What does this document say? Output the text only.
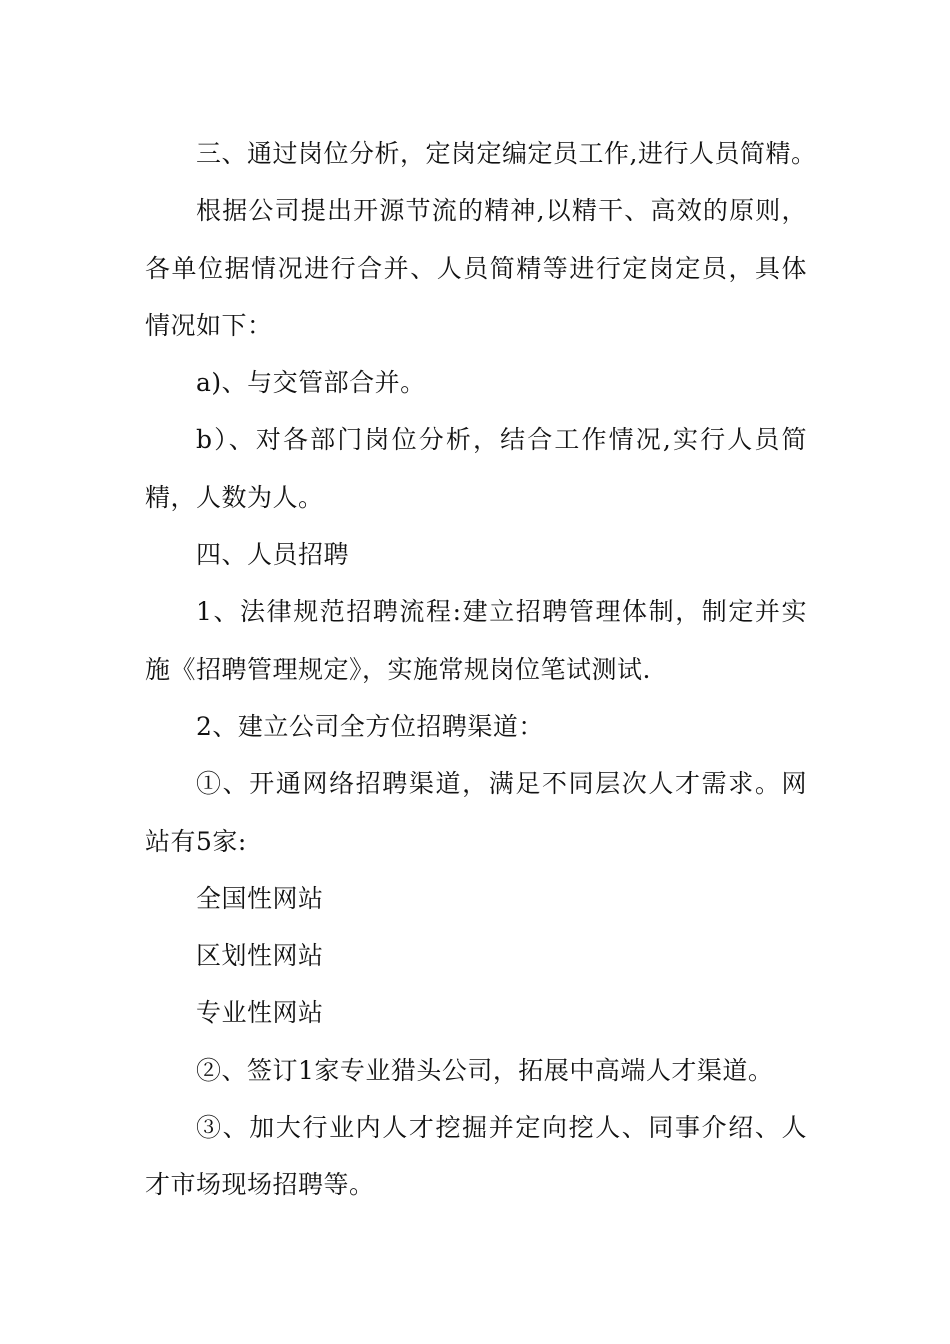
三、通过岗位分析，定岗定编定员工作,进行人员简精。
根据公司提出开源节流的精神,以精干、高效的原则，
各单位据情况进行合并、人员简精等进行定岗定员，具体
情况如下：
a)、与交管部合并。
b）、对各部门岗位分析，结合工作情况,实行人员简
精，人数为人。
四、人员招聘
1、法律规范招聘流程:建立招聘管理体制，制定并实
施《招聘管理规定》，实施常规岗位笔试测试.
2、建立公司全方位招聘渠道：
①、开通网络招聘渠道，满足不同层次人才需求。网
站有5家:
全国性网站
区划性网站
专业性网站
②、签订1家专业猎头公司，拓展中高端人才渠道。
③、加大行业内人才挖掘并定向挖人、同事介绍、人
才市场现场招聘等。
